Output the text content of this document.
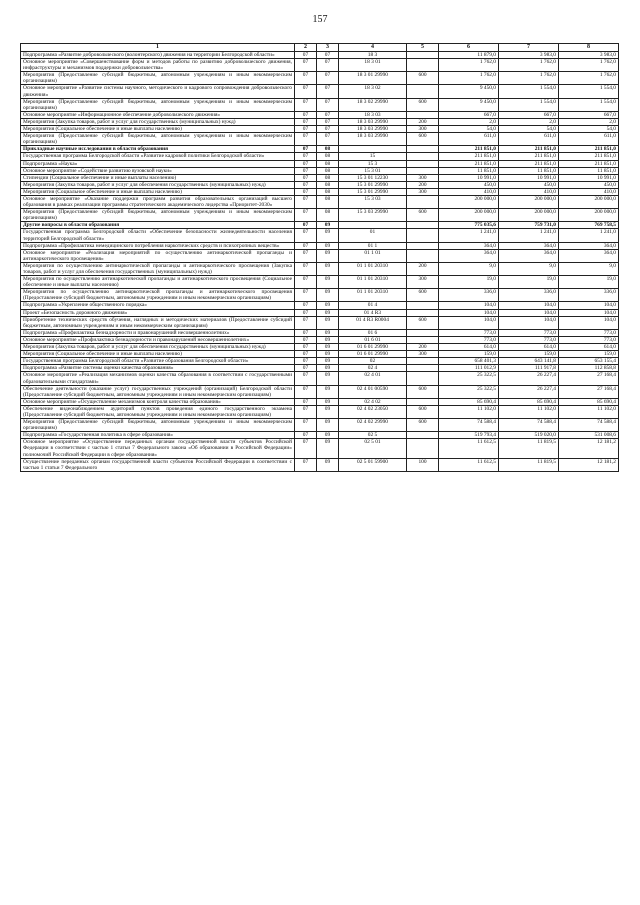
157
1	2	3	4	5	6	7	8
Подпрограмма «Развитие добровольческого (волонтерского) движения на территории Белгородской области»	07	07	18 3		11 879,0	3 983,0	3 983,0
Основное мероприятие «Совершенствование форм и методов работы по развитию добровольческого движения, инфраструктуры и механизмов поддержки добровольчества»	07	07	18 3 01		1 762,0	1 762,0	1 762,0
Мероприятия (Предоставление субсидий бюджетным, автономным учреждениям и иным некоммерческим организациям)	07	07	18 3 01 29990	600	1 762,0	1 762,0	1 762,0
Основное мероприятие «Развитие системы научного, методического и кадрового сопровождения добровольческого движения»	07	07	18 3 02		9 450,0	1 554,0	1 554,0
Мероприятия (Предоставление субсидий бюджетным, автономным учреждениям и иным некоммерческим организациям)	07	07	18 3 02 29990	600	9 450,0	1 554,0	1 554,0
Основное мероприятие «Информационное обеспечение добровольческого движения»	07	07	18 3 03		667,0	667,0	667,0
Мероприятия (Закупка товаров, работ и услуг для государственных (муниципальных) нужд)	07	07	18 3 03 29990	200	2,0	2,0	2,0
Мероприятия (Социальное обеспечение и иные выплаты населению)	07	07	18 3 03 29990	300	54,0	54,0	54,0
Мероприятия (Предоставление субсидий бюджетным, автономным учреждениям и иным некоммерческим организациям)	07	07	18 3 03 29990	600	611,0	611,0	611,0
Прикладные научные исследования в области образования	07	08			211 851,0	211 851,0	211 851,0
Государственная программа Белгородской области «Развитие кадровой политики Белгородской области»	07	08	15		211 851,0	211 851,0	211 851,0
Подпрограмма «Наука»	07	08	15 3		211 851,0	211 851,0	211 851,0
Основное мероприятие «Содействие развитию вузовской науки»	07	08	15 3 01		11 851,0	11 851,0	11 851,0
Стипендии (Социальное обеспечение и иные выплаты населению)	07	08	15 3 01 12230	300	10 991,0	10 991,0	10 991,0
Мероприятия (Закупка товаров, работ и услуг для обеспечения государственных (муниципальных) нужд)	07	08	15 3 01 29990	200	450,0	450,0	450,0
Мероприятия (Социальное обеспечение и иные выплаты населению)	07	08	15 3 01 29990	300	410,0	410,0	410,0
Основное мероприятие «Оказание поддержки программ развития образовательных организаций высшего образования в рамках реализации программы стратегического академического лидерства «Приоритет-2030»	07	08	15 3 03		200 000,0	200 000,0	200 000,0
Мероприятия (Предоставление субсидий бюджетным, автономным учреждениям и иным некоммерческим организациям)	07	08	15 3 03 29990	600	200 000,0	200 000,0	200 000,0
Другие вопросы в области образования	07	09			775 035,6	759 731,0	769 758,5
Государственная программа Белгородской области «Обеспечение безопасности жизнедеятельности населения территорий Белгородской области»	07	09	01		1 241,0	1 241,0	1 241,0
Подпрограмма «Профилактика немедицинского потребления наркотических средств и психотропных веществ»	07	09	01 1		364,0	364,0	364,0
Основное мероприятие «Реализация мероприятий по осуществлению антинаркотической пропаганды и антинаркотического просвещения»	07	09	01 1 01		364,0	364,0	364,0
Мероприятия по осуществлению антинаркотической пропаганды и антинаркотического просвещения (Закупка товаров, работ и услуг для обеспечения государственных (муниципальных) нужд)	07	09	01 1 01 20310	200	9,0	9,0	9,0
Мероприятия по осуществлению антинаркотической пропаганды и антинаркотического просвещения (Социальное обеспечение и иные выплаты населению)	07	09	01 1 01 20310	300	19,0	19,0	19,0
Мероприятия по осуществлению антинаркотической пропаганды и антинаркотического просвещения (Предоставление субсидий бюджетным, автономным учреждениям и иным некоммерческим организациям)	07	09	01 1 01 20310	600	336,0	336,0	336,0
Подпрограмма «Укрепление общественного порядка»	07	09	01 4		104,0	104,0	104,0
Проект «Безопасность дорожного движения»	07	09	01 4 R3		104,0	104,0	104,0
Приобретение технических средств обучения, наглядных и методических материалов (Предоставление субсидий бюджетным, автономным учреждениям и иным некоммерческим организациям)	07	09	01 4 R3 R0004	600	104,0	104,0	104,0
Подпрограмма «Профилактика безнадзорности и правонарушений несовершеннолетних»	07	09	01 6		773,0	773,0	773,0
Основное мероприятие «Профилактика безнадзорности и правонарушений несовершеннолетних»	07	09	01 6 01		773,0	773,0	773,0
Мероприятия (Закупка товаров, работ и услуг для обеспечения государственных (муниципальных) нужд)	07	09	01 6 01 29990	200	614,0	614,0	614,0
Мероприятия (Социальное обеспечение и иные выплаты населению)	07	09	01 6 01 29990	300	159,0	159,0	159,0
Государственная программа Белгородской области «Развитие образования Белгородской области»	07	09	02		658 401,3	643 141,8	653 155,4
Подпрограмма «Развитие системы оценки качества образования»	07	09	02 4		111 012,9	111 917,8	112 858,8
Основное мероприятие «Реализация механизмов оценки качества образования в соответствии с государственными образовательными стандартами»	07	09	02 4 01		25 322,5	26 227,4	27 168,4
Обеспечение деятельности (оказание услуг) государственных учреждений (организаций) Белгородской области (Предоставление субсидий бюджетным, автономным учреждениям и иным некоммерческим организациям)	07	09	02 4 01 00590	600	25 322,5	26 227,4	27 168,4
Основное мероприятие «Осуществление механизмов контроля качества образования»	07	09	02 4 02		85 690,4	85 690,4	85 690,4
Обеспечение видеонаблюдением аудиторий пунктов проведения единого государственного экзамена (Предоставление субсидий бюджетным, автономным учреждениям и иным некоммерческим организациям)	07	09	02 4 02 23050	600	11 102,0	11 102,0	11 102,0
Мероприятия (Предоставление субсидий бюджетным, автономным учреждениям и иным некоммерческим организациям)	07	09	02 4 02 29990	600	74 588,4	74 588,4	74 588,4
Подпрограмма «Государственная политика в сфере образования»	07	09	02 5		519 793,4	519 020,0	531 008,6
Основное мероприятие «Осуществление переданных органам государственной власти субъектов Российской Федерации в соответствии с частью 1 статьи 7 Федерального закона «Об образовании в Российской Федерации» полномочий Российской Федерации в сфере образования»	07	09	02 5 01		11 612,5	11 819,5	12 181,2
Осуществление переданных органам государственной власти субъектов Российской Федерации в соответствии с частью 1 статьи 7 Федерального	07	09	02 5 01 59900	100	11 612,5	11 819,5	12 181,2
